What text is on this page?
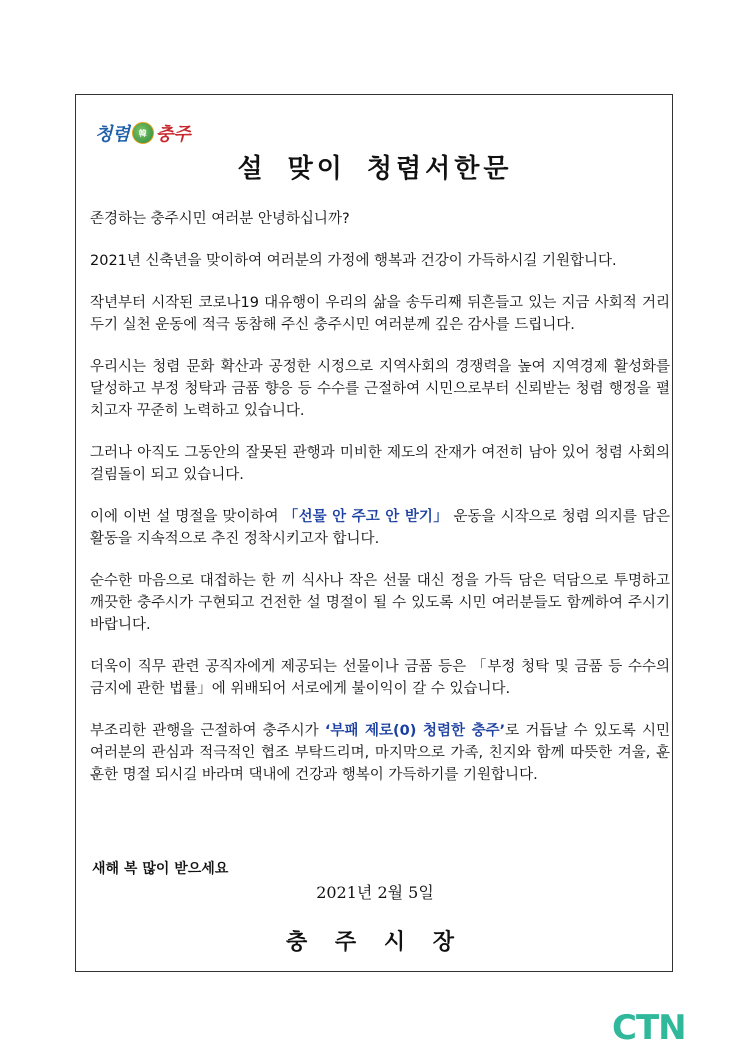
청렴	韓 충주
설 맞이 청렴서한문

존경하는 충주시민 여러분 안녕하십니까?

2021년 신축년을 맞이하여 여러분의 가정에 행복과 건강이 가득하시길 기원합니다.

작년부터 시작된 코로나19 대유행이 우리의 삶을 송두리째 뒤흔들고 있는 지금 사회적 거리두기 실천 운동에 적극 동참해 주신 충주시민 여러분께 깊은 감사를 드립니다.

우리시는 청렴 문화 확산과 공정한 시정으로 지역사회의 경쟁력을 높여 지역경제 활성화를 달성하고 부정 청탁과 금품 향응 등 수수를 근절하여 시민으로부터 신뢰받는 청렴 행정을 펼치고자 꾸준히 노력하고 있습니다.

그러나 아직도 그동안의 잘못된 관행과 미비한 제도의 잔재가 여전히 남아 있어 청렴 사회의 걸림돌이 되고 있습니다.

이에 이번 설 명절을 맞이하여 「선물 안 주고 안 받기」 운동을 시작으로 청렴 의지를 담은 활동을 지속적으로 추진 정착시키고자 합니다.

순수한 마음으로 대접하는 한 끼 식사나 작은 선물 대신 정을 가득 담은 덕담으로 투명하고 깨끗한 충주시가 구현되고 건전한 설 명절이 될 수 있도록 시민 여러분들도 함께하여 주시기 바랍니다.

더욱이 직무 관련 공직자에게 제공되는 선물이나 금품 등은 「부정 청탁 및 금품 등 수수의 금지에 관한 법률」에 위배되어 서로에게 불이익이 갈 수 있습니다.

부조리한 관행을 근절하여 충주시가 ‘부패 제로(0) 청렴한 충주’로 거듭날 수 있도록 시민 여러분의 관심과 적극적인 협조 부탁드리며, 마지막으로 가족, 친지와 함께 따뜻한 겨울, 훈훈한 명절 되시길 바라며 댁내에 건강과 행복이 가득하기를 기원합니다.

새해 복 많이 받으세요
2021년 2월 5일
충 주 시 장
CTN
